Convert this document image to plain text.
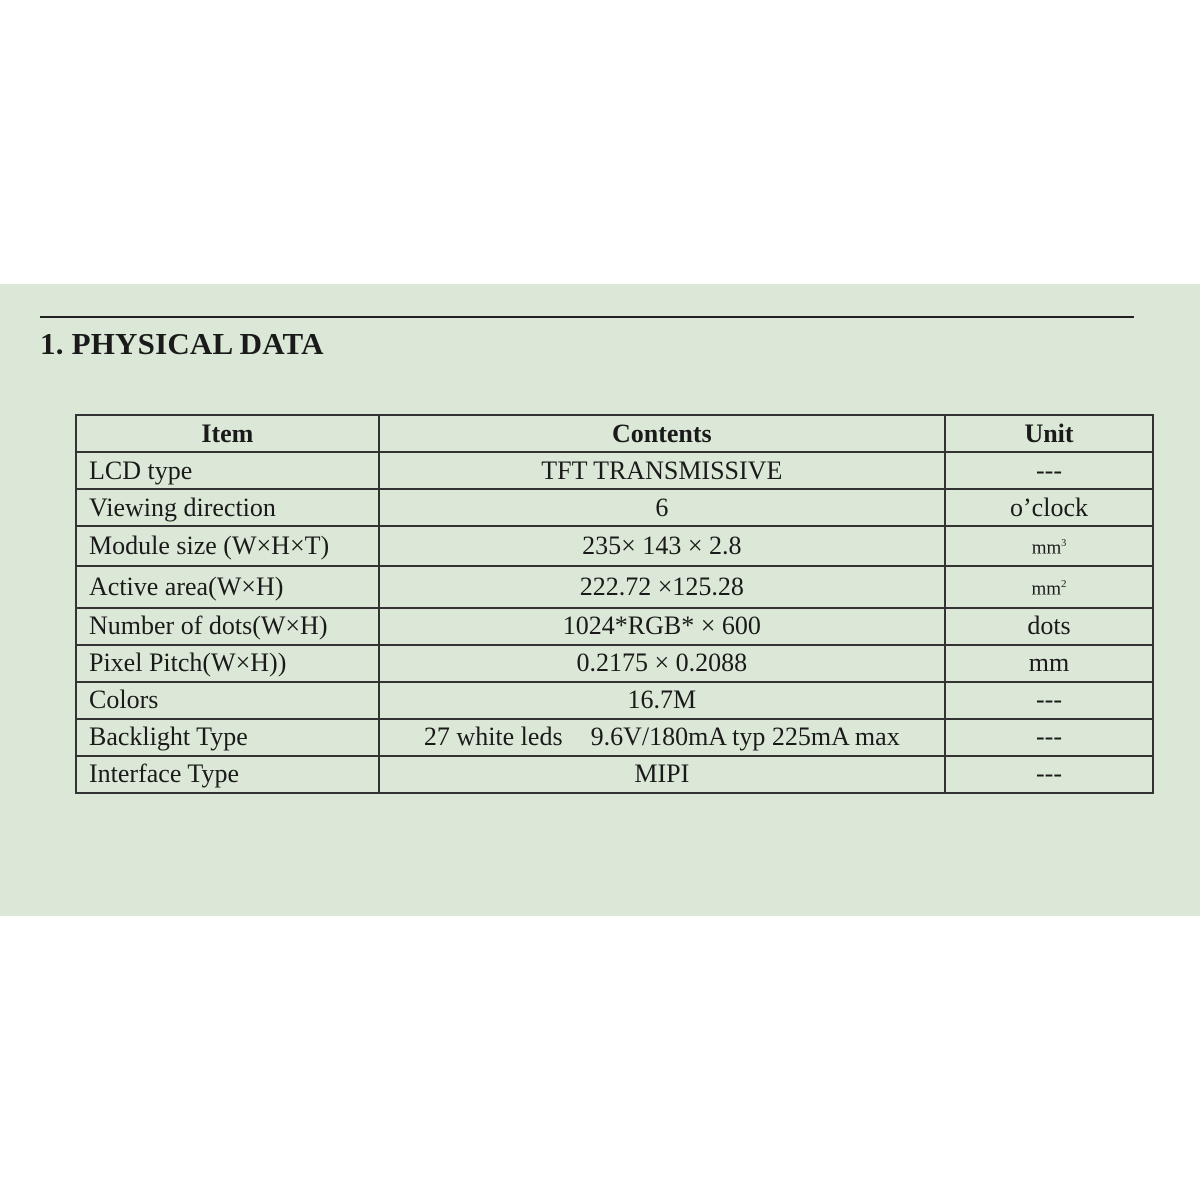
1. PHYSICAL DATA
Item	Contents	Unit
LCD type	TFT TRANSMISSIVE	---
Viewing direction	6	o’clock
Module size (W×H×T)	235× 143 × 2.8	$mm^3$
Active area(W×H)	222.72 ×125.28	$mm^2$
Number of dots(W×H)	1024*RGB* × 600	dots
Pixel Pitch(W×H))	0.2175 × 0.2088	mm
Colors	16.7M	---
Backlight Type	27 white leds 9.6V/180mA typ 225mA max	---
Interface Type	MIPI	---
